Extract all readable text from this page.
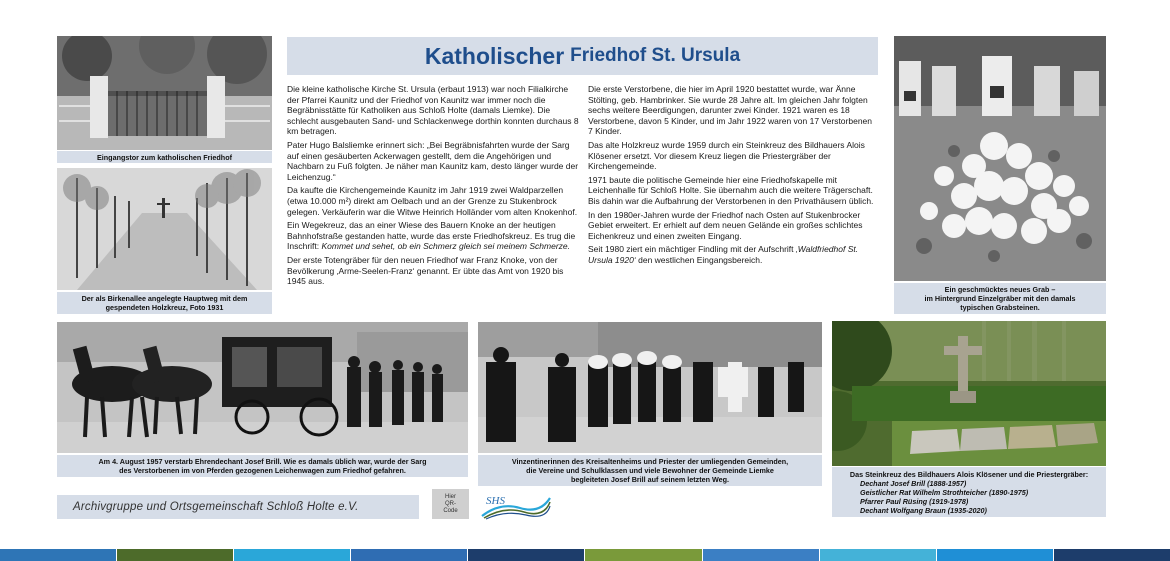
Katholischer Friedhof St. Ursula
Eingangstor zum katholischen Friedhof
Der als Birkenallee angelegte Hauptweg mit dem
gespendeten Holzkreuz, Foto 1931

Die kleine katholische Kirche St. Ursula (erbaut 1913) war noch Filialkirche der Pfarrei Kaunitz und der Friedhof von Kaunitz war immer noch die Begräbnisstätte für Katholiken aus Schloß Holte (damals Liemke). Die schlecht ausgebauten Sand- und Schlackenwege dorthin konnten durchaus 8 km betragen.

Pater Hugo Balsliemke erinnert sich: „Bei Begräbnisfahrten wurde der Sarg auf einen gesäuberten Ackerwagen gestellt, dem die Angehörigen und Nachbarn zu Fuß folgten. Je näher man Kaunitz kam, desto länger wurde der Leichenzug.“

Da kaufte die Kirchengemeinde Kaunitz im Jahr 1919 zwei Waldparzellen (etwa 10.000 m²) direkt am Oelbach und an der Grenze zu Stukenbrock gelegen. Verkäuferin war die Witwe Heinrich Holländer vom alten Knokenhof.

Ein Wegekreuz, das an einer Wiese des Bauern Knoke an der heutigen Bahnhofstraße gestanden hatte, wurde das erste Friedhofskreuz. Es trug die Inschrift: Kommet und sehet, ob ein Schmerz gleich sei meinem Schmerze.

Der erste Totengräber für den neuen Friedhof war Franz Knoke, von der Bevölkerung ‚Arme-Seelen-Franz‘ genannt. Er übte das Amt von 1920 bis 1945 aus.

Die erste Verstorbene, die hier im April 1920 bestattet wurde, war Änne Stölting, geb. Hambrinker. Sie wurde 28 Jahre alt. Im gleichen Jahr folgten sechs weitere Beerdigungen, darunter zwei Kinder. 1921 waren es 18 Verstorbene, davon 5 Kinder, und im Jahr 1922 waren von 17 Verstorbenen 7 Kinder.

Das alte Holzkreuz wurde 1959 durch ein Steinkreuz des Bildhauers Alois Klösener ersetzt. Vor diesem Kreuz liegen die Priestergräber der Kirchengemeinde.

1971 baute die politische Gemeinde hier eine Friedhofskapelle mit Leichenhalle für Schloß Holte. Sie übernahm auch die weitere Trägerschaft. Bis dahin war die Aufbahrung der Verstorbenen in den Privathäusern üblich.

In den 1980er-Jahren wurde der Friedhof nach Osten auf Stukenbrocker Gebiet erweitert. Er erhielt auf dem neuen Gelände ein großes schlichtes Eichenkreuz und einen zweiten Eingang.

Seit 1980 ziert ein mächtiger Findling mit der Aufschrift ‚Waldfriedhof St. Ursula 1920‘ den westlichen Eingangsbereich.

Ein geschmücktes neues Grab –
im Hintergrund Einzelgräber mit den damals
typischen Grabsteinen.
Am 4. August 1957 verstarb Ehrendechant Josef Brill. Wie es damals üblich war, wurde der Sarg
des Verstorbenen im von Pferden gezogenen Leichenwagen zum Friedhof gefahren.
Vinzentinerinnen des Kreisaltenheims und Priester der umliegenden Gemeinden,
die Vereine und Schulklassen und viele Bewohner der Gemeinde Liemke
begleiteten Josef Brill auf seinem letzten Weg.
Das Steinkreuz des Bildhauers Alois Klösener und die Priestergräber:
Dechant Josef Brill (1888-1957)
Geistlicher Rat Wilhelm Strothteicher (1890-1975)
Pfarrer Paul Rüsing (1919-1978)
Dechant Wolfgang Braun (1935-2020)
Archivgruppe und Ortsgemeinschaft Schloß Holte e.V.
Hier
QR-
Code
SHS
